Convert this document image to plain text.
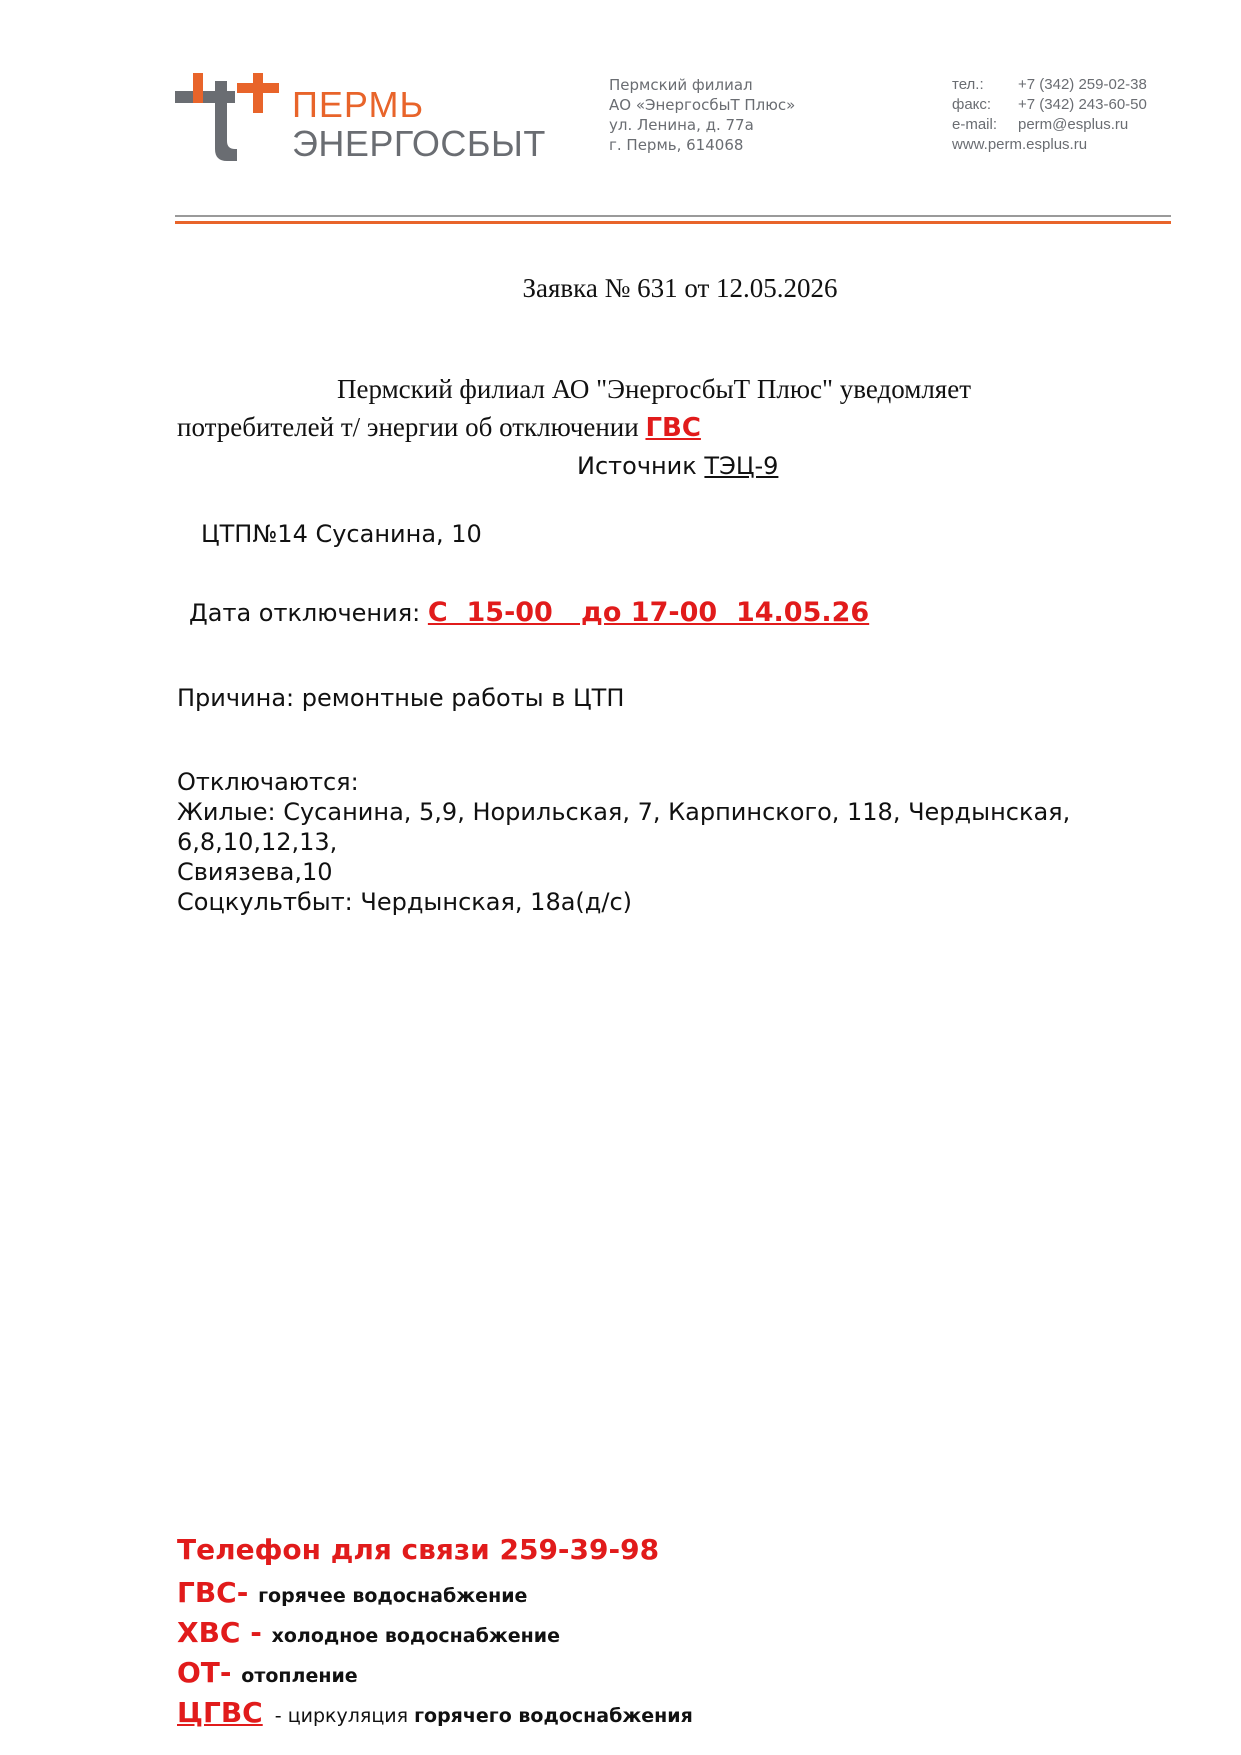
ПЕРМЬ
ЭНЕРГОСБЫТ
Пермский филиал
АО «ЭнергосбыТ Плюс»
ул. Ленина, д. 77а
г. Пермь, 614068
тел.: +7 (342) 259-02-38
факс: +7 (342) 243-60-50
e-mail: perm@esplus.ru
www.perm.esplus.ru
Заявка № 631 от 12.05.2026
Пермский филиал АО "ЭнергосбыТ Плюс" уведомляет
потребителей т/ энергии об отключении ГВС
Источник ТЭЦ-9
ЦТП№14 Сусанина, 10
Дата отключения: С  15-00   до 17-00  14.05.26
Причина: ремонтные работы в ЦТП
Отключаются:
Жилые: Сусанина, 5,9, Норильская, 7, Карпинского, 118, Чердынская, 6,8,10,12,13,
Свиязева,10
Соцкультбыт: Чердынская, 18а(д/с)
Телефон для связи 259-39-98
ГВС- горячее водоснабжение
ХВС - холодное водоснабжение
ОТ- отопление
ЦГВС  - циркуляция горячего водоснабжения
